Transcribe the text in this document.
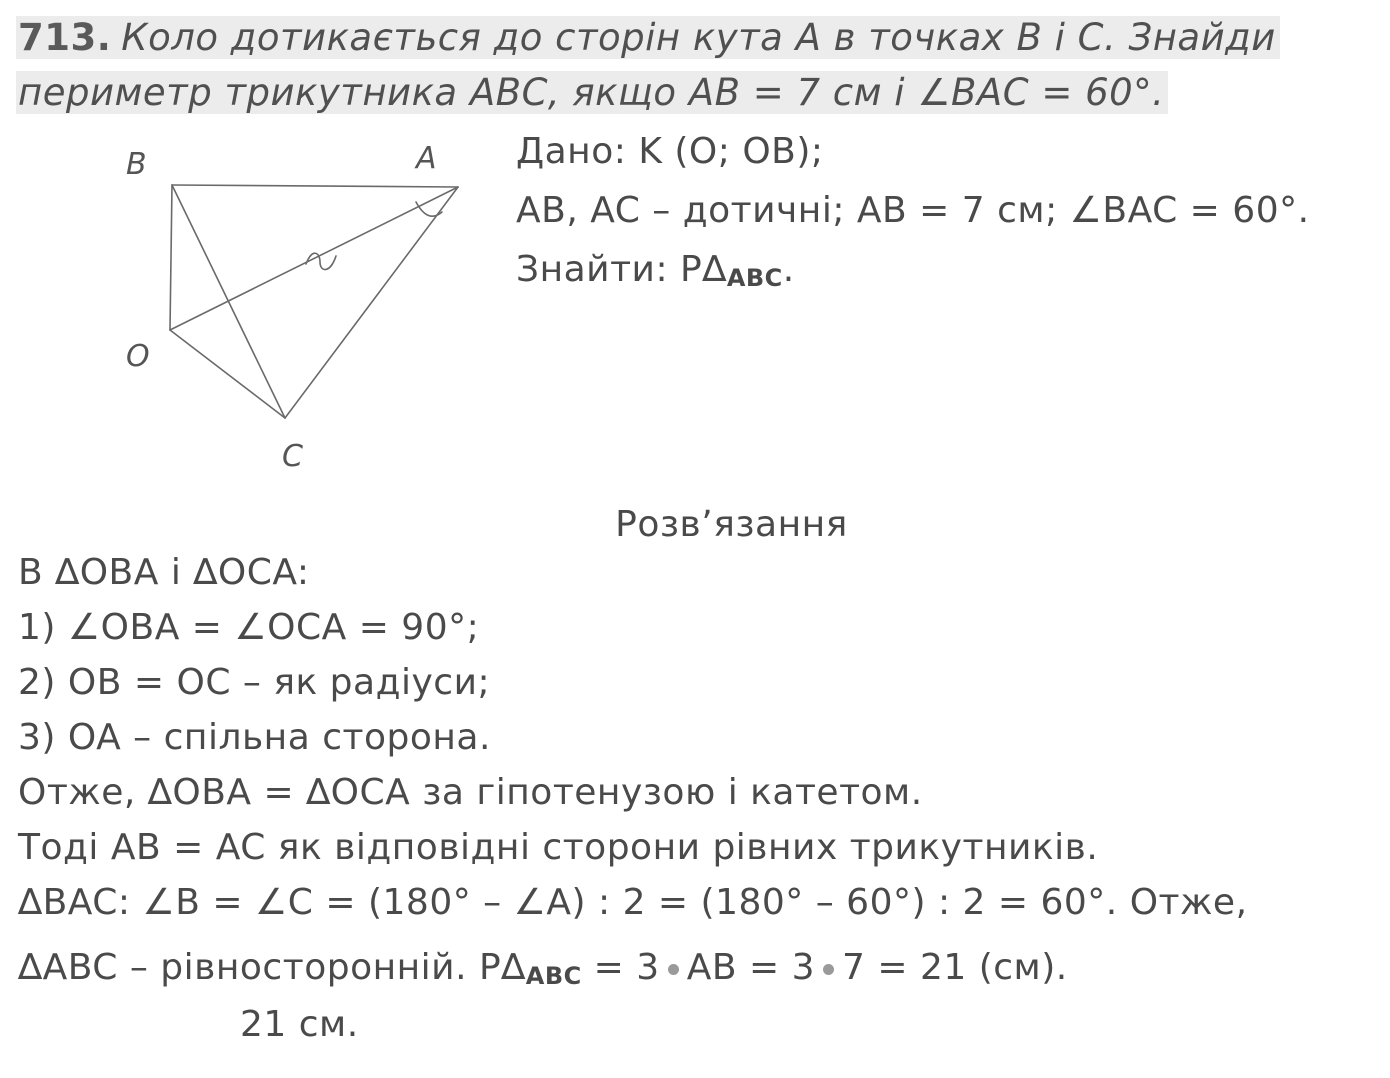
713. Коло дотикається до сторін кута A в точках B і C. Знайди
периметр трикутника ABC, якщо AB = 7 см і ∠BAC = 60°.
B	A
O
C
Дано: K (O; OB);
AB, AC – дотичні; AB = 7 см; ∠BAC = 60°.
Знайти: P∆ABC.
Розв’язання
В ∆OBA і ∆OCA:
1) ∠OBA = ∠OCA = 90°;
2) OB = OC – як радіуси;
3) OA – спільна сторона.
Отже, ∆OBA = ∆OCA за гіпотенузою і катетом.
Тоді AB = AC як відповідні сторони рівних трикутників.
∆BAC: ∠B = ∠C = (180° – ∠A) : 2 = (180° – 60°) : 2 = 60°. Отже,
∆ABC – рівносторонній. P∆ABC = 3 AB = 3 7 = 21 (см).
21 см.
